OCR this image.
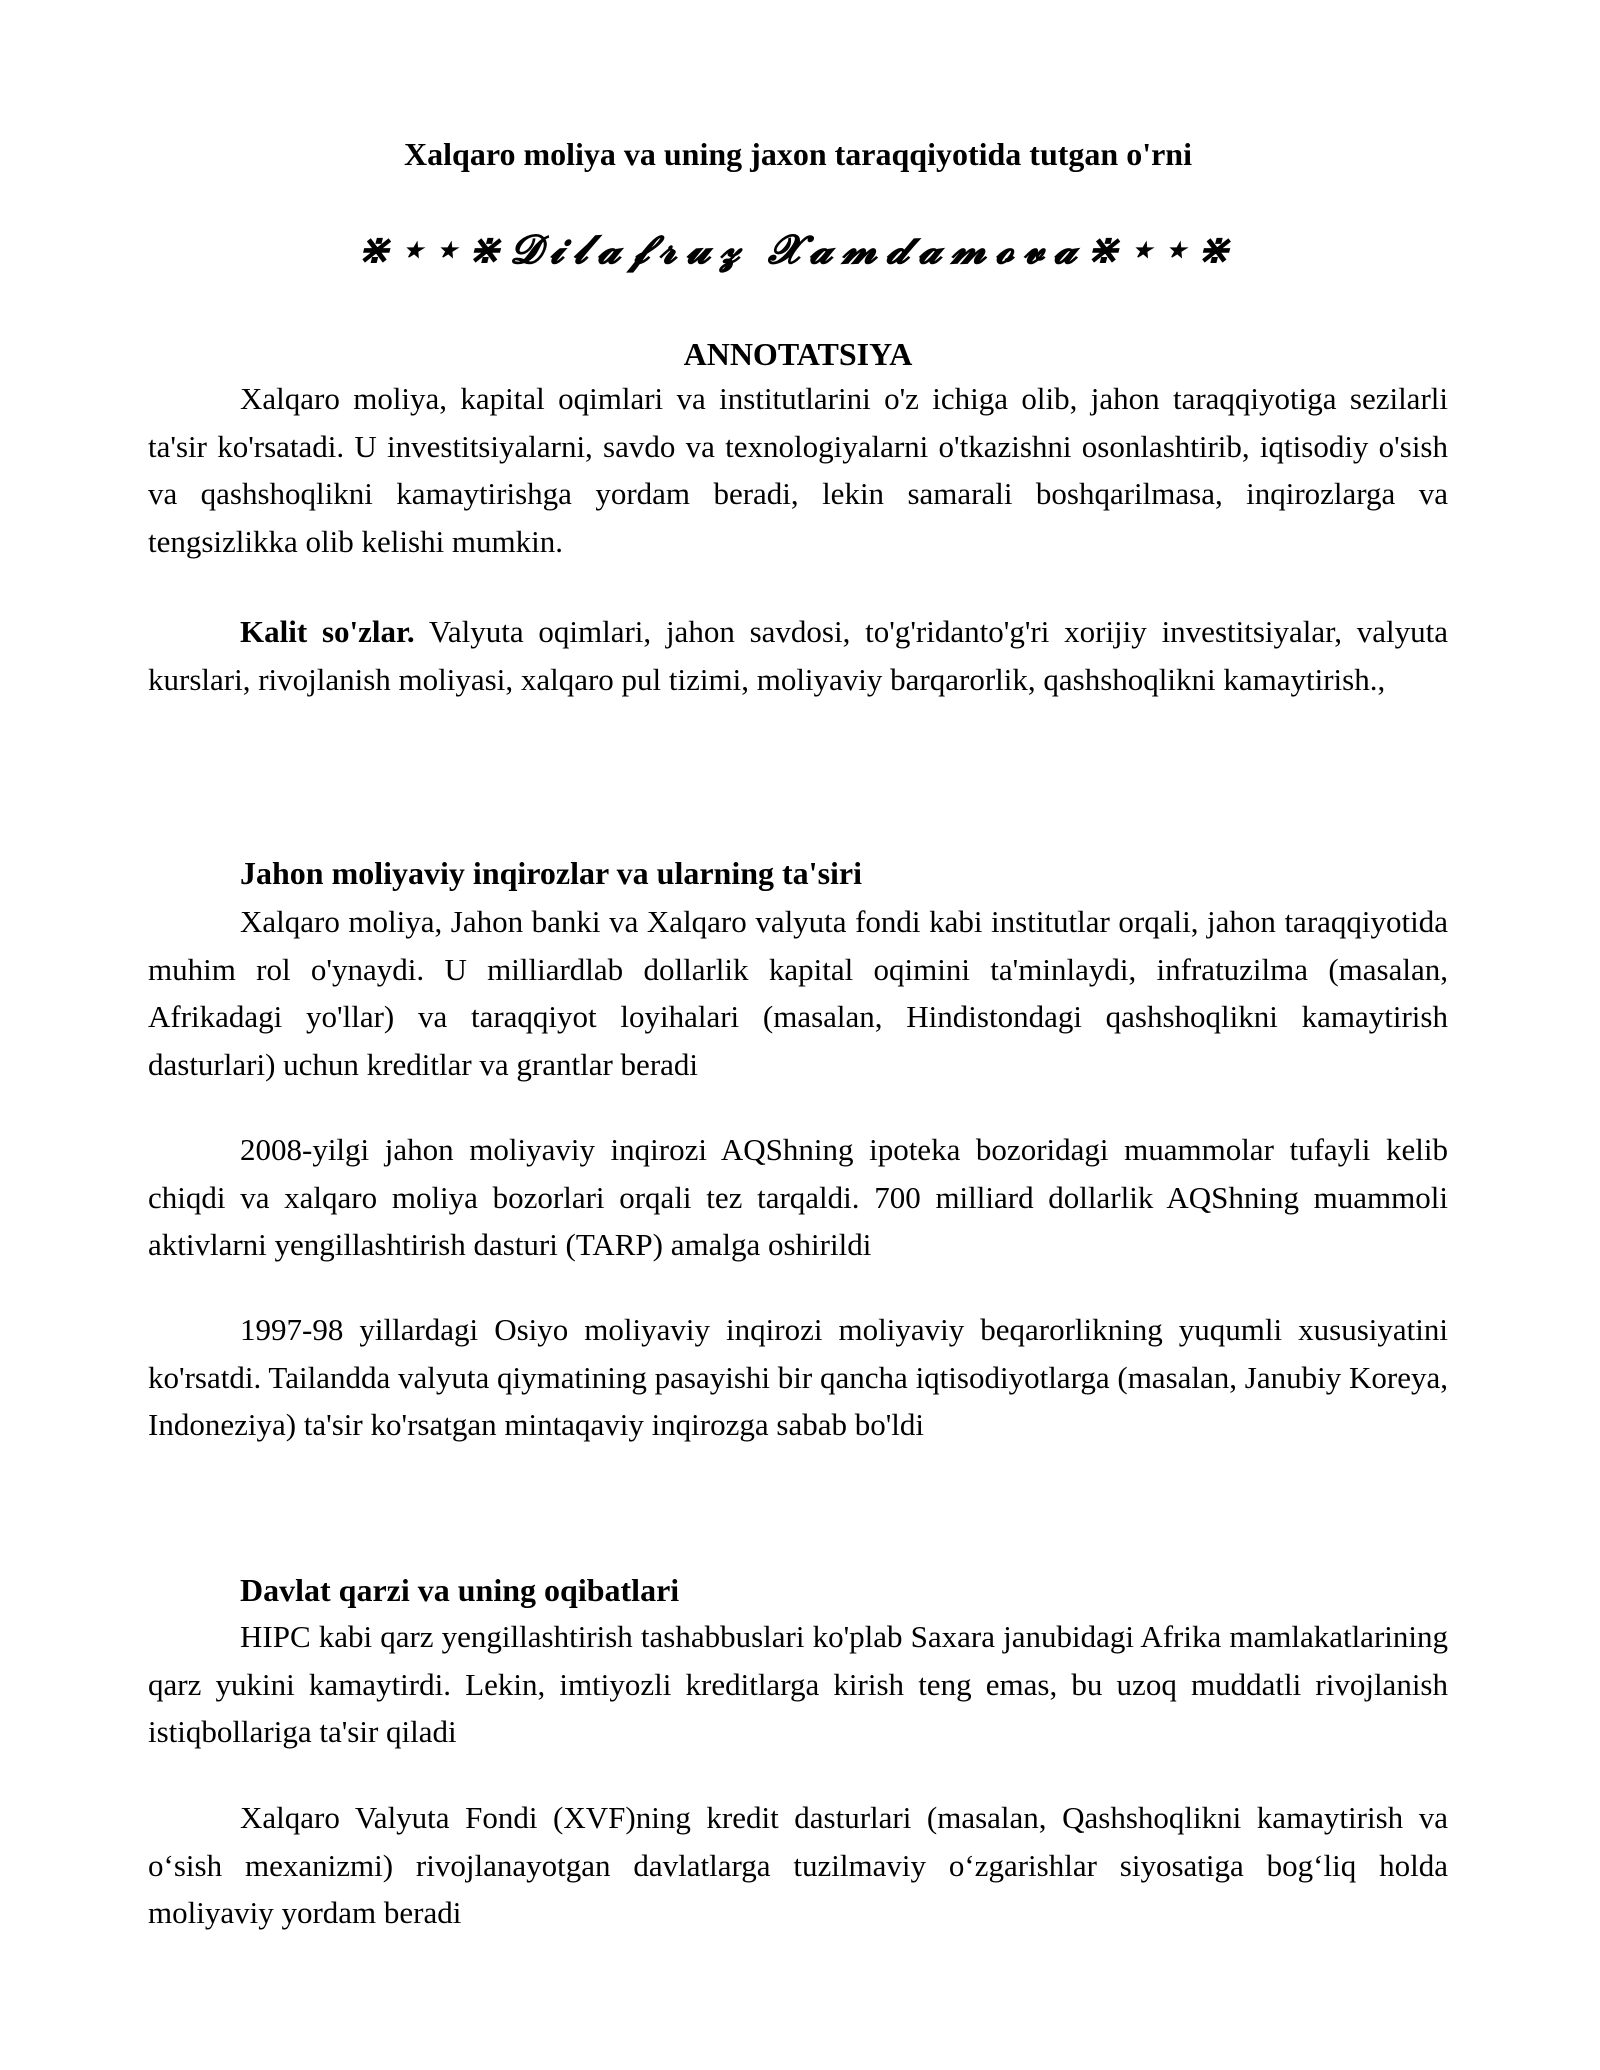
Xalqaro moliya va uning jaxon taraqqiyotida tutgan o'rni

⋇⋆⋆⋇𝓓𝓲𝓵𝓪𝓯𝓻𝓾𝔃 𝓧𝓪𝓶𝓭𝓪𝓶𝓸𝓿𝓪⋇⋆⋆⋇

ANNOTATSIYA

Xalqaro moliya, kapital oqimlari va institutlarini o'z ichiga olib, jahon taraqqiyotiga sezilarli ta'sir ko'rsatadi. U investitsiyalarni, savdo va texnologiyalarni o'tkazishni osonlashtirib, iqtisodiy o'sish va qashshoqlikni kamaytirishga yordam beradi, lekin samarali boshqarilmasa, inqirozlarga va tengsizlikka olib kelishi mumkin.

Kalit so'zlar. Valyuta oqimlari, jahon savdosi, to'g'ridanto'g'ri xorijiy investitsiyalar, valyuta kurslari, rivojlanish moliyasi, xalqaro pul tizimi, moliyaviy barqarorlik, qashshoqlikni kamaytirish.,

Jahon moliyaviy inqirozlar va ularning ta'siri

Xalqaro moliya, Jahon banki va Xalqaro valyuta fondi kabi institutlar orqali, jahon taraqqiyotida muhim rol o'ynaydi. U milliardlab dollarlik kapital oqimini ta'minlaydi, infratuzilma (masalan, Afrikadagi yo'llar) va taraqqiyot loyihalari (masalan, Hindistondagi qashshoqlikni kamaytirish dasturlari) uchun kreditlar va grantlar beradi

2008-yilgi jahon moliyaviy inqirozi AQShning ipoteka bozoridagi muammolar tufayli kelib chiqdi va xalqaro moliya bozorlari orqali tez tarqaldi. 700 milliard dollarlik AQShning muammoli aktivlarni yengillashtirish dasturi (TARP) amalga oshirildi

1997-98 yillardagi Osiyo moliyaviy inqirozi moliyaviy beqarorlikning yuqumli xususiyatini ko'rsatdi. Tailandda valyuta qiymatining pasayishi bir qancha iqtisodiyotlarga (masalan, Janubiy Koreya, Indoneziya) ta'sir ko'rsatgan mintaqaviy inqirozga sabab bo'ldi

Davlat qarzi va uning oqibatlari

HIPC kabi qarz yengillashtirish tashabbuslari ko'plab Saxara janubidagi Afrika mamlakatlarining qarz yukini kamaytirdi. Lekin, imtiyozli kreditlarga kirish teng emas, bu uzoq muddatli rivojlanish istiqbollariga ta'sir qiladi

Xalqaro Valyuta Fondi (XVF)ning kredit dasturlari (masalan, Qashshoqlikni kamaytirish va o‘sish mexanizmi) rivojlanayotgan davlatlarga tuzilmaviy o‘zgarishlar siyosatiga bog‘liq holda moliyaviy yordam beradi
